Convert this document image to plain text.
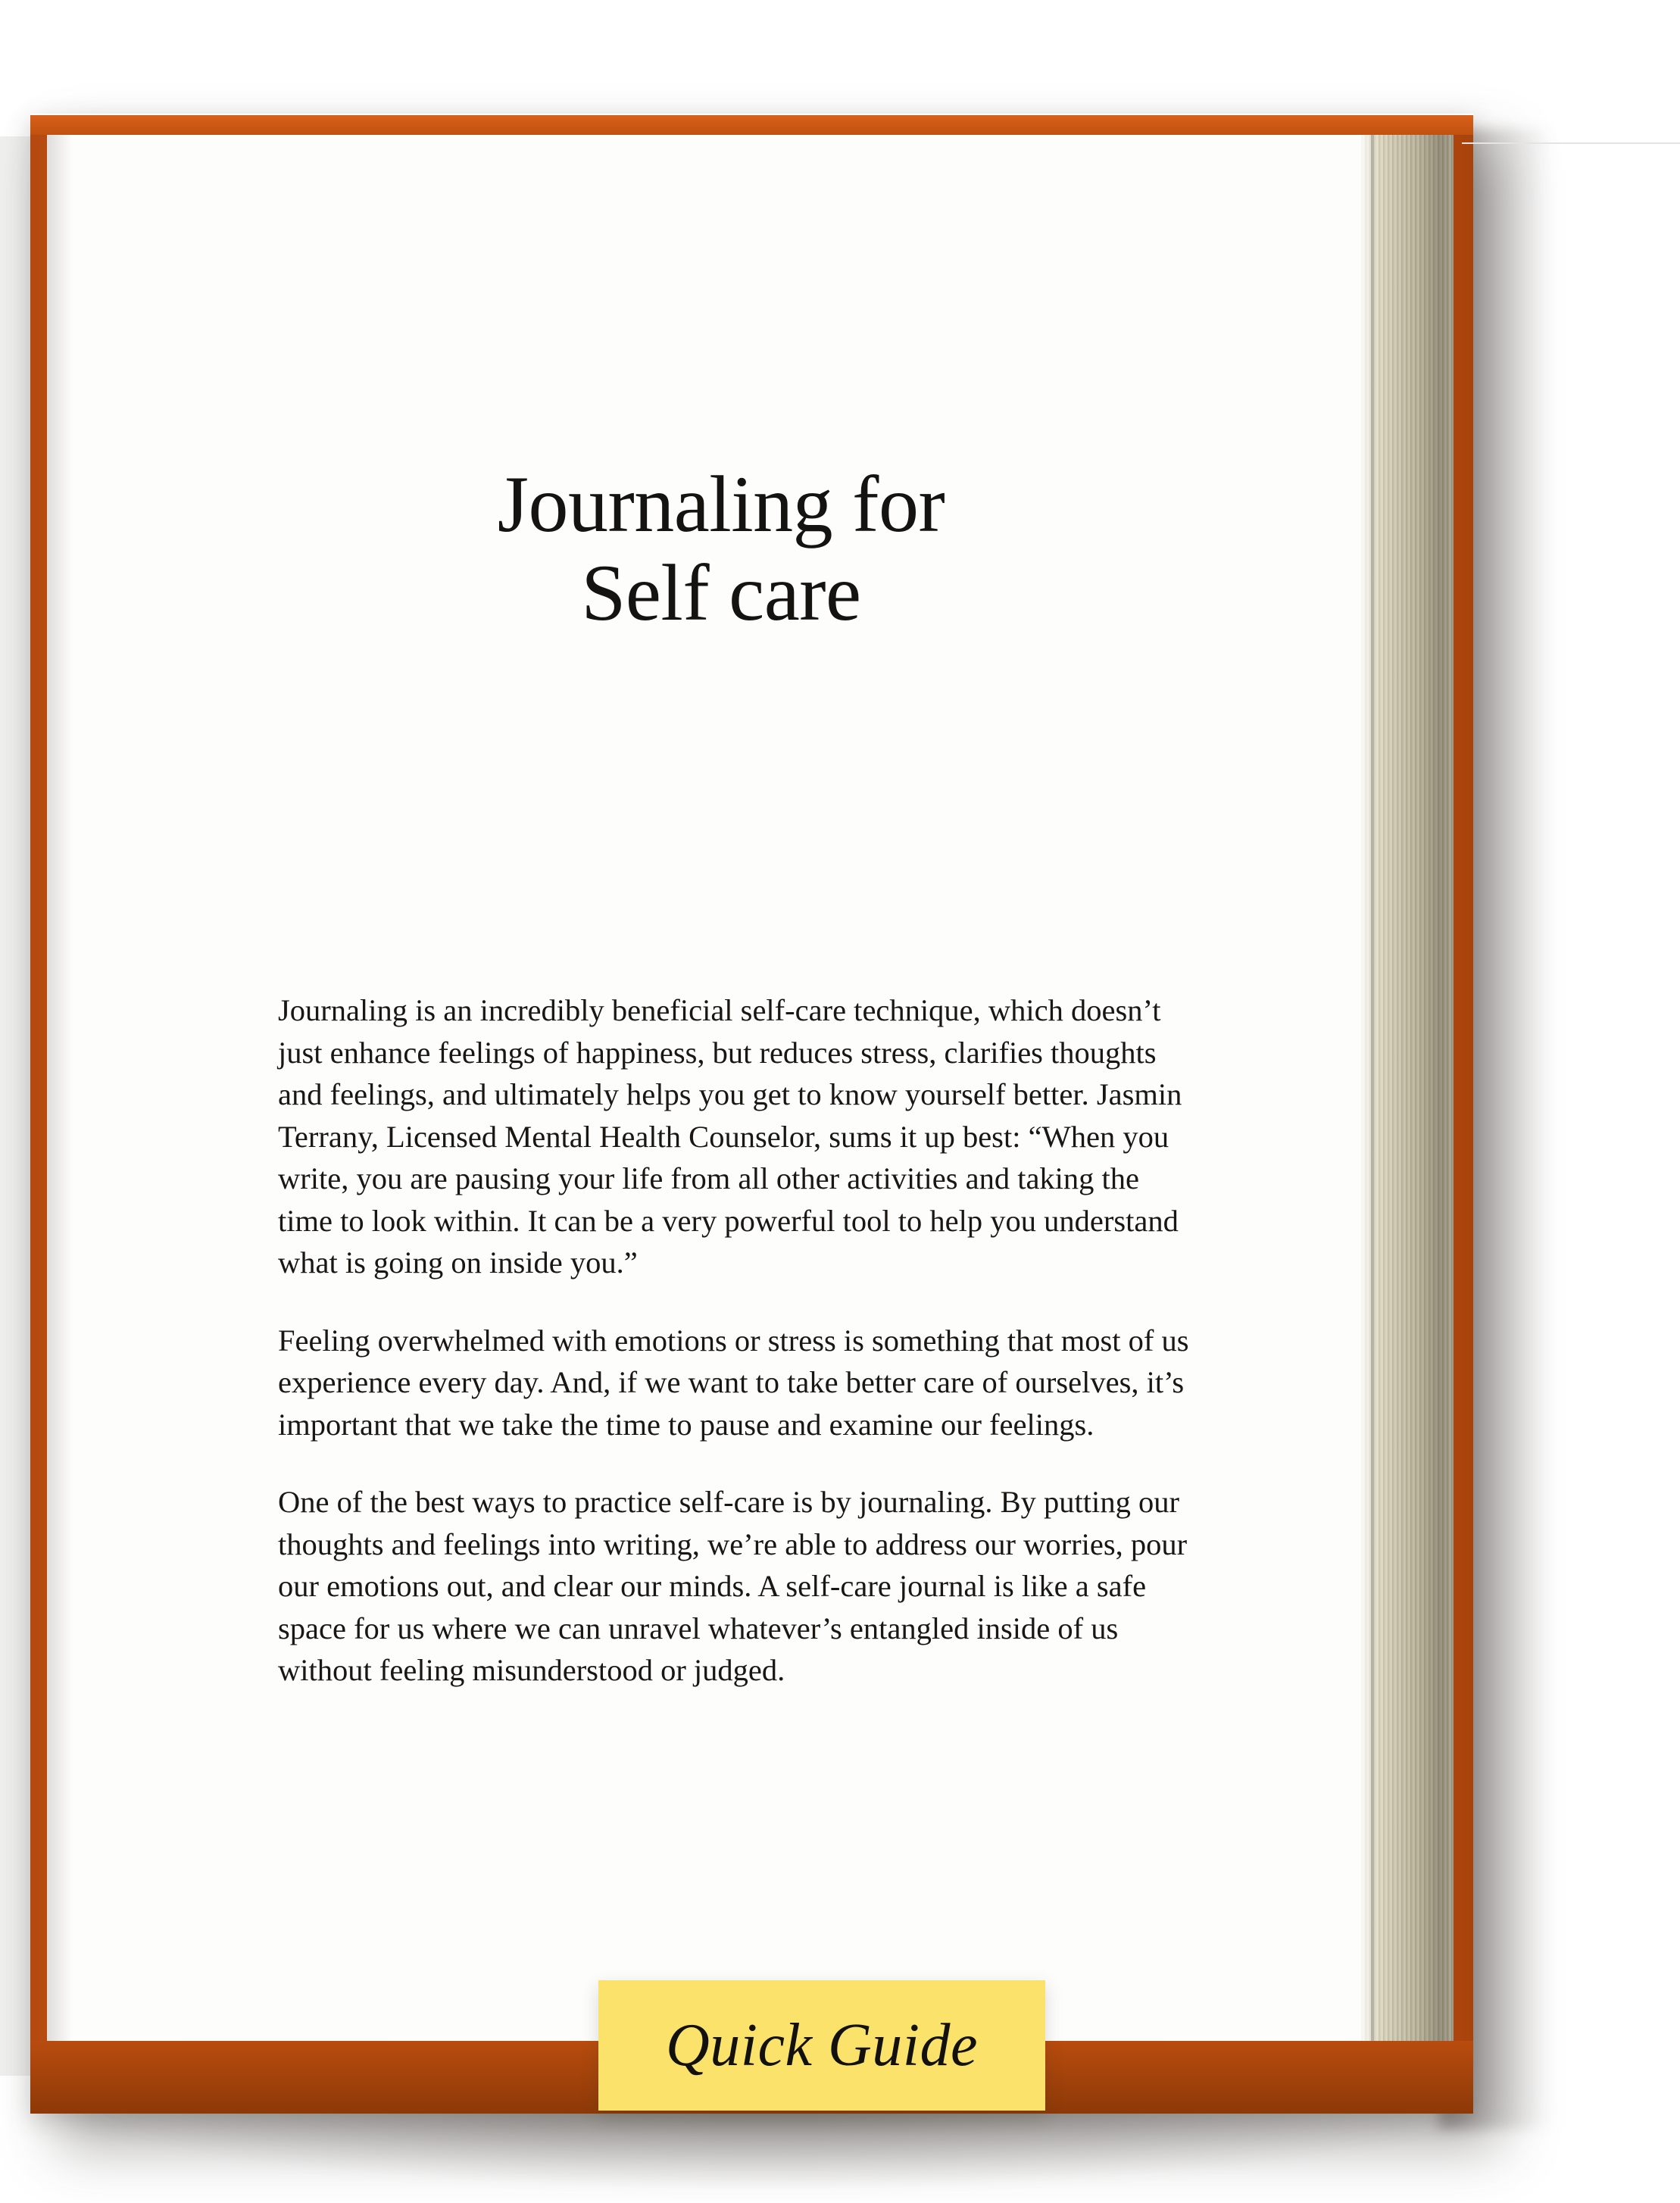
Journaling for
Self care

Journaling is an incredibly beneficial self-care technique, which doesn’t just enhance feelings of happiness, but reduces stress, clarifies thoughts and feelings, and ultimately helps you get to know yourself better. Jasmin Terrany, Licensed Mental Health Counselor, sums it up best: “When you write, you are pausing your life from all other activities and taking the time to look within. It can be a very powerful tool to help you understand what is going on inside you.”

Feeling overwhelmed with emotions or stress is something that most of us experience every day. And, if we want to take better care of ourselves, it’s important that we take the time to pause and examine our feelings.

One of the best ways to practice self-care is by journaling. By putting our thoughts and feelings into writing, we’re able to address our worries, pour our emotions out, and clear our minds. A self-care journal is like a safe space for us where we can unravel whatever’s entangled inside of us without feeling misunderstood or judged.

Quick Guide
